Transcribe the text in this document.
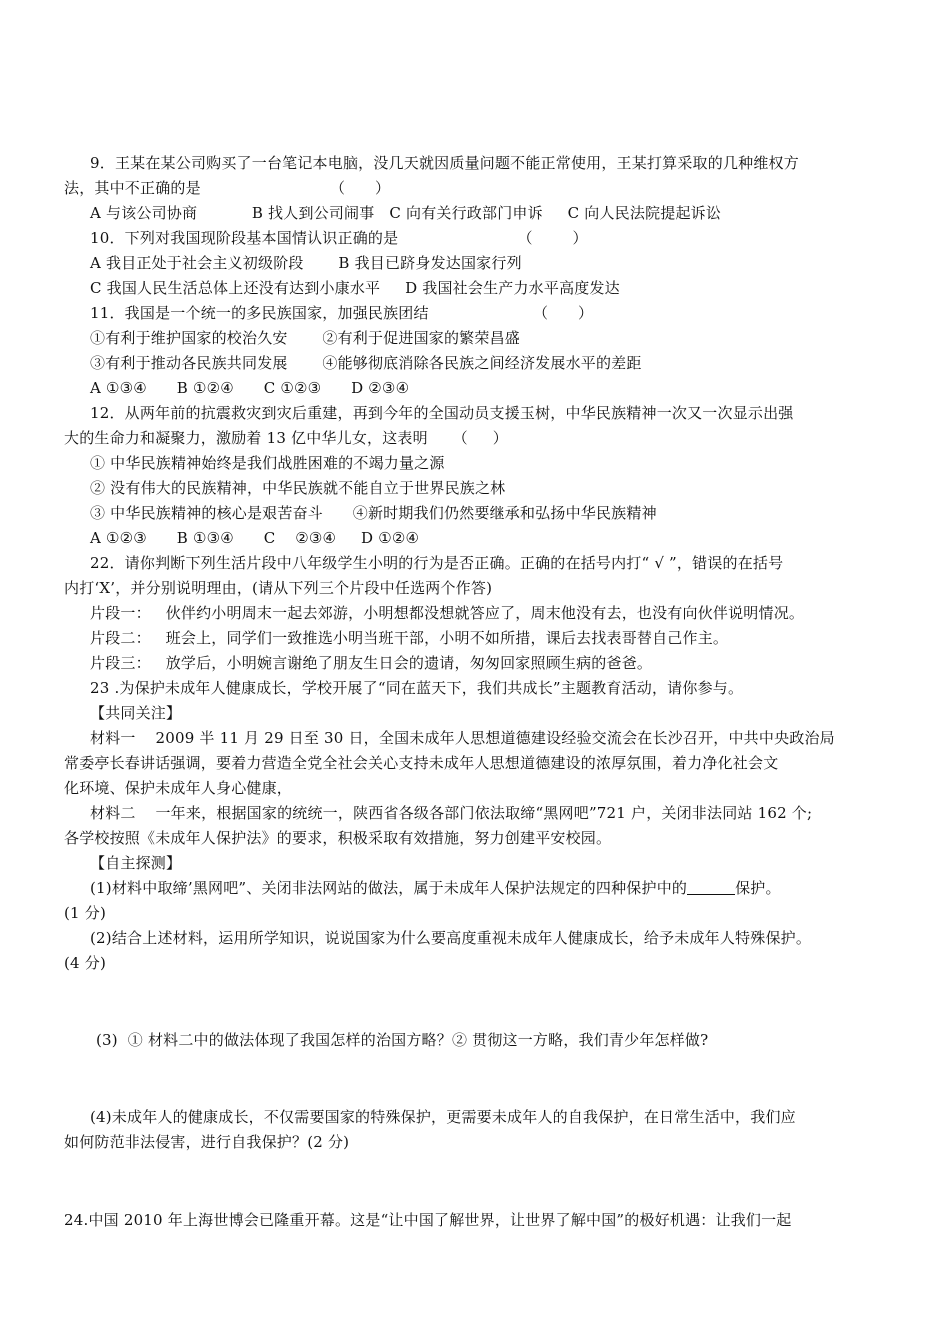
9．王某在某公司购买了一台笔记本电脑，没几天就因质量问题不能正常使用，王某打算采取的几种维权方
法，其中不正确的是                          （      ）
A 与该公司协商           B 找人到公司闹事   C 向有关行政部门申诉     C 向人民法院提起诉讼
10．下列对我国现阶段基本国情认识正确的是                        （        ）
A 我目正处于社会主义初级阶段       B 我目已跻身发达国家行列
C 我国人民生活总体上还没有达到小康水平     D 我国社会生产力水平高度发达
11．我国是一个统一的多民族国家，加强民族团结                     （      ）
①有利于维护国家的校治久安       ②有利于促进国家的繁荣昌盛
③有利于推动各民族共同发展       ④能够彻底消除各民族之间经济发展水平的差距
A ①③④      B ①②④      C ①②③      D ②③④
12．从两年前的抗震救灾到灾后重建，再到今年的全国动员支援玉树，中华民族精神一次又一次显示出强
大的生命力和凝聚力，激励着 13 亿中华儿女，这表明     （     ）
① 中华民族精神始终是我们战胜困难的不竭力量之源
② 没有伟大的民族精神，中华民族就不能自立于世界民族之林
③ 中华民族精神的核心是艰苦奋斗      ④新时期我们仍然要继承和弘扬中华民族精神
A ①②③      B ①③④      C    ②③④     D ①②④
22．请你判断下列生活片段中八年级学生小明的行为是否正确。正确的在括号内打“ √ ”，错误的在括号
内打‘X’，并分别说明理由，(请从下列三个片段中任选两个作答)
片段一：   伙伴约小明周末一起去郊游，小明想都没想就答应了，周末他没有去，也没有向伙伴说明情况。
片段二：   班会上，同学们一致推选小明当班干部，小明不如所措，课后去找表哥替自己作主。
片段三：   放学后，小明婉言谢绝了朋友生日会的遗请，匆匆回家照顾生病的爸爸。
23 .为保护未成年人健康成长，学校开展了“同在蓝天下，我们共成长”主题教育活动，请你参与。
【共同关注】
材料一    2009 半 11 月 29 日至 30 日，全国未成年人思想道德建设经验交流会在长沙召开，中共中央政治局
常委亭长春讲话强调，要着力营造全党全社会关心支持未成年人思想道德建设的浓厚氛围，着力净化社会文
化环境、保护未成年人身心健康，
材料二    一年来，根据国家的统统一，陕西省各级各部门依法取缔“黑网吧”721 户，关闭非法同站 162 个;
各学校按照《未成年人保护法》的要求，积极采取有效措施，努力创建平安校园。
【自主探测】
(1)材料中取缔’黑网吧”、关闭非法网站的做法，属于未成年人保护法规定的四种保护中的	保护。
(1 分)
(2)结合上述材料，运用所学知识，说说国家为什么要高度重视未成年人健康成长，给予未成年人特殊保护。
(4 分)
(3)  ① 材料二中的做法体现了我国怎样的治国方略？② 贯彻这一方略，我们青少年怎样做?
(4)未成年人的健康成长，不仅需要国家的特殊保护，更需要未成年人的自我保护，在日常生活中，我们应
如何防范非法侵害，进行自我保护？(2 分)
24.中国 2010 年上海世博会已隆重开幕。这是“让中国了解世界，让世界了解中国”的极好机遇：让我们一起
